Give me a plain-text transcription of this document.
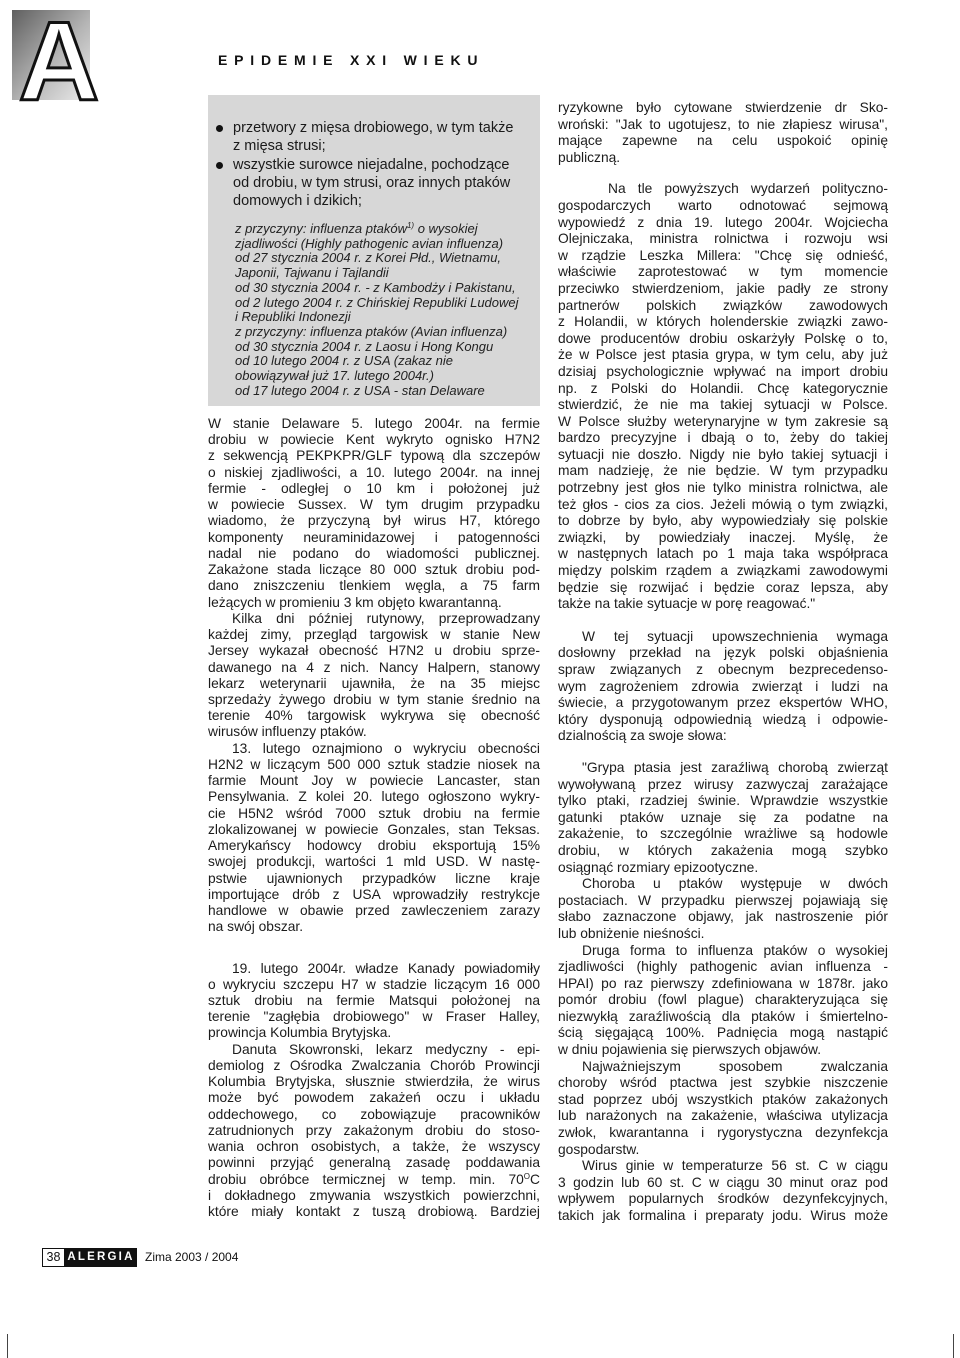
A	EPIDEMIE XXI WIEKU
przetwory z mięsa drobiowego, w tym także
z mięsa strusi;
wszystkie surowce niejadalne, pochodzące
od drobiu, w tym strusi, oraz innych ptaków
domowych i dzikich;
z przyczyny: influenza ptaków$^{1)}$ o wysokiej
zjadliwości (Highly pathogenic avian influenza)
od 27 stycznia 2004 r. z Korei Płd., Wietnamu,
Japonii, Tajwanu i Tajlandii
od 30 stycznia 2004 r. - z Kambodży i Pakistanu,
od 2 lutego 2004 r. z Chińskiej Republiki Ludowej
i Republiki Indonezji
z przyczyny: influenza ptaków (Avian influenza)
od 30 stycznia 2004 r. z Laosu i Hong Kongu
od 10 lutego 2004 r. z USA (zakaz nie
obowiązywał już 17. lutego 2004r.)
od 17 lutego 2004 r. z USA - stan Delaware
W stanie Delaware 5. lutego 2004r. na fermie
drobiu w powiecie Kent wykryto ognisko H7N2
z sekwencją PEKPKPR/GLF typową dla szczepów
o niskiej zjadliwości, a 10. lutego 2004r. na innej
fermie - odległej o 10 km i położonej już
w powiecie Sussex. W tym drugim przypadku
wiadomo, że przyczyną był wirus H7, którego
komponenty neuraminidazowej i patogenności
nadal nie podano do wiadomości publicznej.
Zakażone stada liczące 80 000 sztuk drobiu pod-
dano zniszczeniu tlenkiem węgla, a 75 farm
leżących w promieniu 3 km objęto kwarantanną.
Kilka dni później rutynowy, przeprowadzany
każdej zimy, przegląd targowisk w stanie New
Jersey wykazał obecność H7N2 u drobiu sprze-
dawanego na 4 z nich. Nancy Halpern, stanowy
lekarz weterynarii ujawniła, że na 35 miejsc
sprzedaży żywego drobiu w tym stanie średnio na
terenie 40% targowisk wykrywa się obecność
wirusów influenzy ptaków.
13. lutego oznajmiono o wykryciu obecności
H2N2 w liczącym 500 000 sztuk stadzie niosek na
farmie Mount Joy w powiecie Lancaster, stan
Pensylwania. Z kolei 20. lutego ogłoszono wykry-
cie H5N2 wśród 7000 sztuk drobiu na fermie
zlokalizowanej w powiecie Gonzales, stan Teksas.
Amerykańscy hodowcy drobiu eksportują 15%
swojej produkcji, wartości 1 mld USD. W nastę-
pstwie ujawnionych przypadków liczne kraje
importujące drób z USA wprowadziły restrykcje
handlowe w obawie przed zawleczeniem zarazy
na swój obszar.
19. lutego 2004r. władze Kanady powiadomiły
o wykryciu szczepu H7 w stadzie liczącym 16 000
sztuk drobiu na fermie Matsqui położonej na
terenie "zagłębia drobiowego" w Fraser Halley,
prowincja Kolumbia Brytyjska.
Danuta Skowronski, lekarz medyczny - epi-
demiolog z Ośrodka Zwalczania Chorób Prowincji
Kolumbia Brytyjska, słusznie stwierdziła, że wirus
może być powodem zakażeń oczu i układu
oddechowego, co zobowiązuje pracowników
zatrudnionych przy zakażonym drobiu do stoso-
wania ochron osobistych, a także, że wszyscy
powinni przyjąć generalną zasadę poddawania
drobiu obróbce termicznej w temp. min. $70^OC$
i dokładnego zmywania wszystkich powierzchni,
które miały kontakt z tuszą drobiową. Bardziej
ryzykowne było cytowane stwierdzenie dr Sko-
wroński: "Jak to ugotujesz, to nie złapiesz wirusa",
mające zapewne na celu uspokoić opinię
publiczną.
Na tle powyższych wydarzeń polityczno-
gospodarczych warto odnotować sejmową
wypowiedź z dnia 19. lutego 2004r. Wojciecha
Olejniczaka, ministra rolnictwa i rozwoju wsi
w rządzie Leszka Millera: "Chcę się odnieść,
właściwie zaprotestować w tym momencie
przeciwko stwierdzeniom, jakie padły ze strony
partnerów polskich związków zawodowych
z Holandii, w których holenderskie związki zawo-
dowe producentów drobiu oskarżyły Polskę o to,
że w Polsce jest ptasia grypa, w tym celu, aby już
dzisiaj psychologicznie wpływać na import drobiu
np. z Polski do Holandii. Chcę kategorycznie
stwierdzić, że nie ma takiej sytuacji w Polsce.
W Polsce służby weterynaryjne w tym zakresie są
bardzo precyzyjne i dbają o to, żeby do takiej
sytuacji nie doszło. Nigdy nie było takiej sytuacji i
mam nadzieję, że nie będzie. W tym przypadku
potrzebny jest głos nie tylko ministra rolnictwa, ale
też głos - cios za cios. Jeżeli mówią o tym związki,
to dobrze by było, aby wypowiedziały się polskie
związki, by powiedziały inaczej. Myślę, że
w następnych latach po 1 maja taka współpraca
między polskim rządem a związkami zawodowymi
będzie się rozwijać i będzie coraz lepsza, aby
także na takie sytuacje w porę reagować."
W tej sytuacji upowszechnienia wymaga
dosłowny przekład na język polski objaśnienia
spraw związanych z obecnym bezprecedenso-
wym zagrożeniem zdrowia zwierząt i ludzi na
świecie, a przygotowanym przez ekspertów WHO,
który dysponują odpowiednią wiedzą i odpowie-
dzialnością za swoje słowa:
"Grypa ptasia jest zaraźliwą chorobą zwierząt
wywoływaną przez wirusy zazwyczaj zarażające
tylko ptaki, rzadziej świnie. Wprawdzie wszystkie
gatunki ptaków uznaje się za podatne na
zakażenie, to szczególnie wrażliwe są hodowle
drobiu, w których zakażenia mogą szybko
osiągnąć rozmiary epizootyczne.
Choroba u ptaków występuje w dwóch
postaciach. W przypadku pierwszej pojawiają się
słabo zaznaczone objawy, jak nastroszenie piór
lub obniżenie nieśności.
Druga forma to influenza ptaków o wysokiej
zjadliwości (highly pathogenic avian influenza -
HPAI) po raz pierwszy zdefiniowana w 1878r. jako
pomór drobiu (fowl plague) charakteryzująca się
niezwykłą zaraźliwością dla ptaków i śmiertelno-
ścią sięgającą 100%. Padnięcia mogą nastąpić
w dniu pojawienia się pierwszych objawów.
Najważniejszym sposobem zwalczania
choroby wśród ptactwa jest szybkie niszczenie
stad poprzez ubój wszystkich ptaków zakażonych
lub narażonych na zakażenie, właściwa utylizacja
zwłok, kwarantanna i rygorystyczna dezynfekcja
gospodarstw.
Wirus ginie w temperaturze 56 st. C w ciągu
3 godzin lub 60 st. C w ciągu 30 minut oraz pod
wpływem popularnych środków dezynfekcyjnych,
takich jak formalina i preparaty jodu. Wirus może
38 ALERGIA Zima 2003 / 2004
